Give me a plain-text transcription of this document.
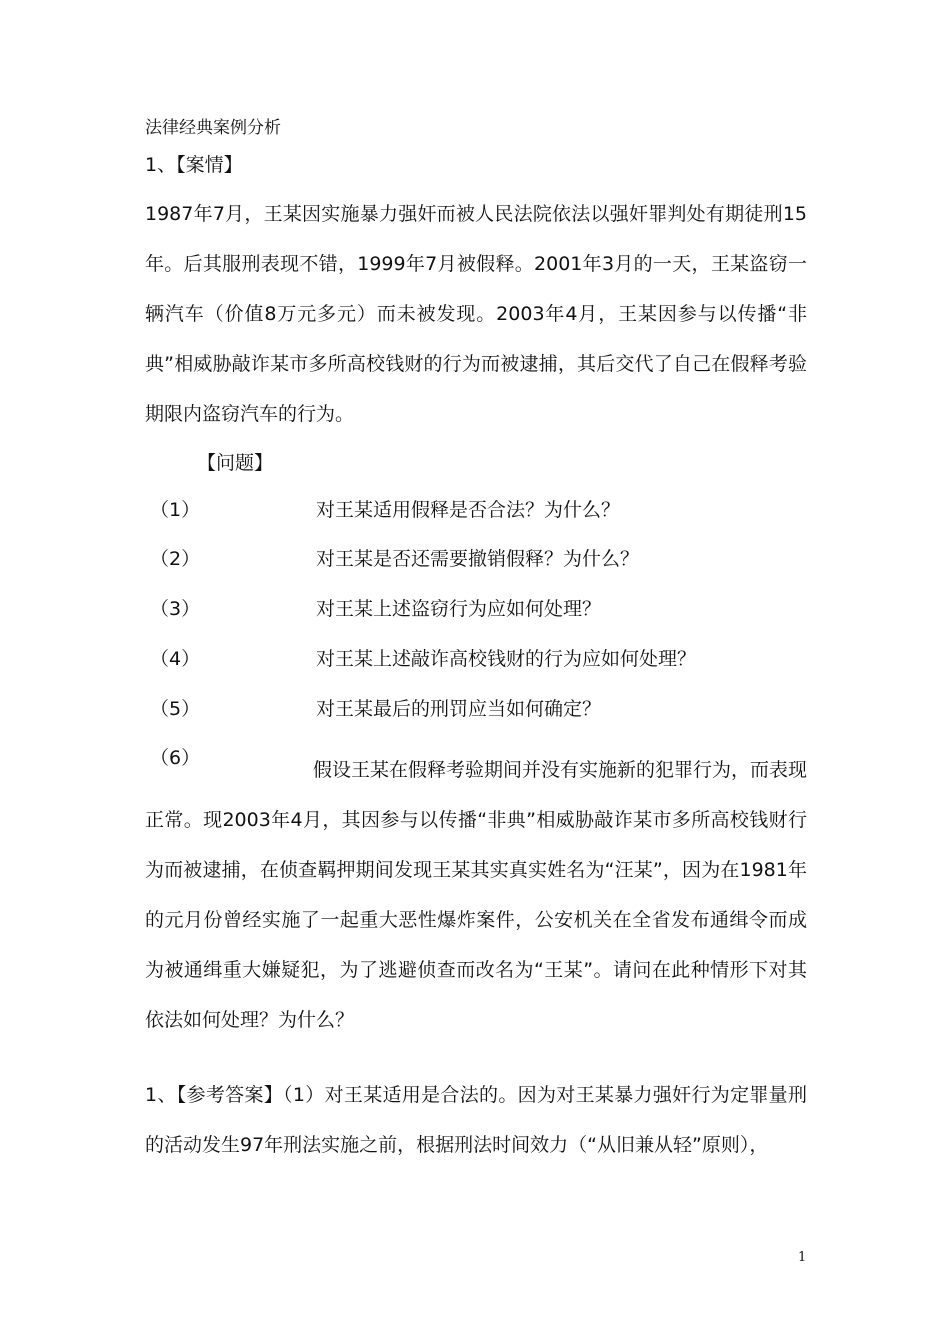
法律经典案例分析
1、【案情】

1987年7月，王某因实施暴力强奸而被人民法院依法以强奸罪判处有期徒刑15年。后其服刑表现不错，1999年7月被假释。2001年3月的一天，王某盗窃一辆汽车（价值8万元多元）而未被发现。2003年4月，王某因参与以传播“非典”相威胁敲诈某市多所高校钱财的行为而被逮捕，其后交代了自己在假释考验期限内盗窃汽车的行为。

【问题】
（1）	对王某适用假释是否合法？为什么？
（2）	对王某是否还需要撤销假释？为什么？
（3）	对王某上述盗窃行为应如何处理？
（4）	对王某上述敲诈高校钱财的行为应如何处理？
（5）	对王某最后的刑罚应当如何确定？
（6）

假设王某在假释考验期间并没有实施新的犯罪行为，而表现正常。现2003年4月，其因参与以传播“非典”相威胁敲诈某市多所高校钱财行为而被逮捕，在侦查羁押期间发现王某其实真实姓名为“汪某”，因为在1981年的元月份曾经实施了一起重大恶性爆炸案件，公安机关在全省发布通缉令而成为被通缉重大嫌疑犯，为了逃避侦查而改名为“王某”。请问在此种情形下对其依法如何处理？为什么？

1、【参考答案】（1）对王某适用是合法的。因为对王某暴力强奸行为定罪量刑的活动发生97年刑法实施之前，根据刑法时间效力（“从旧兼从轻”原则），

1
